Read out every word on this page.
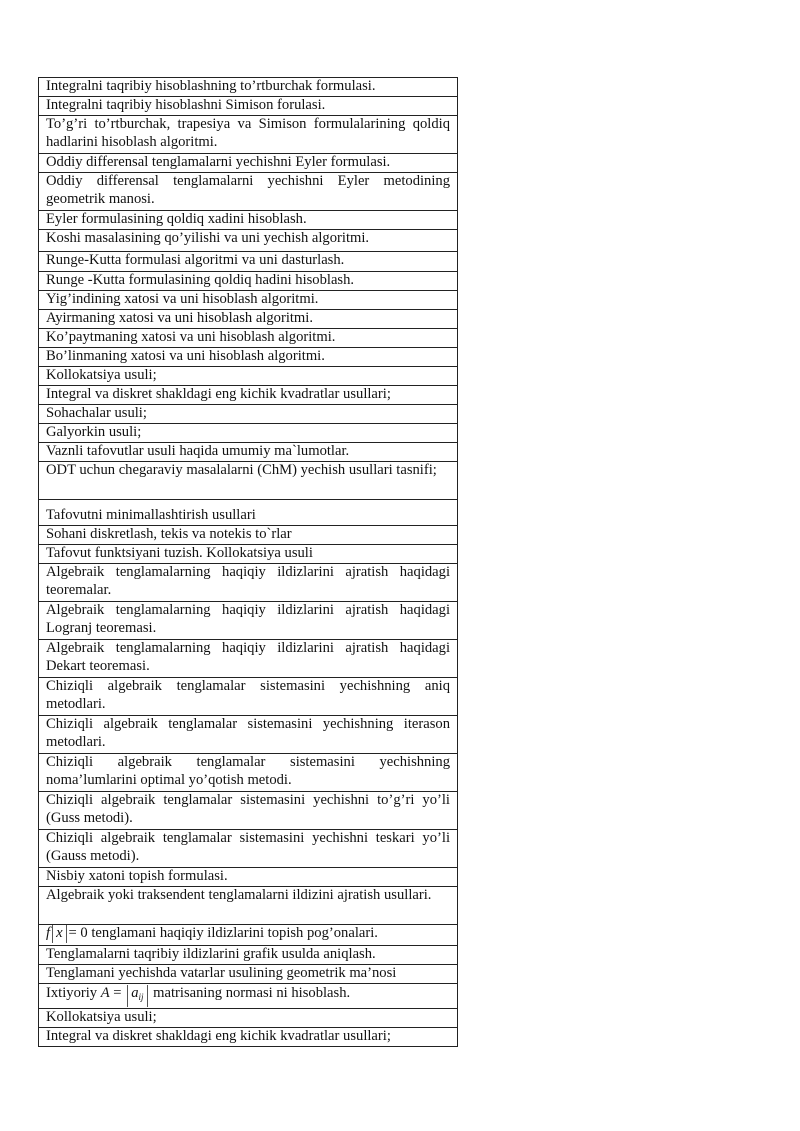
Integralni taqribiy hisoblashning to’rtburchak formulasi.
Integralni taqribiy hisoblashni Simison forulasi.
To’g’ri to’rtburchak, trapesiya va Simison formulalarining qoldiq hadlarini hisoblash algoritmi.
Oddiy differensal tenglamalarni yechishni Eyler formulasi.
Oddiy differensal tenglamalarni yechishni Eyler metodining geometrik manosi.
Eyler formulasining qoldiq xadini hisoblash.
Koshi masalasining qo’yilishi va uni yechish algoritmi.
Runge-Kutta formulasi algoritmi va uni dasturlash.
Runge -Kutta formulasining qoldiq hadini hisoblash.
Yig’indining xatosi va uni hisoblash algoritmi.
Ayirmaning xatosi va uni hisoblash algoritmi.
Ko’paytmaning xatosi va uni hisoblash algoritmi.
Bo’linmaning xatosi va uni hisoblash algoritmi.
Kollokatsiya usuli;
Integral va diskret shakldagi eng kichik kvadratlar usullari;
Sohachalar usuli;
Galyorkin usuli;
Vaznli tafovutlar usuli haqida umumiy ma`lumotlar.
ODT uchun chegaraviy masalalarni (ChM) yechish usullari tasnifi;

Tafovutni minimallashtirish usullari

Sohani diskretlash, tekis va notekis to`rlar
Tafovut funktsiyani tuzish. Kollokatsiya usuli
Algebraik tenglamalarning haqiqiy ildizlarini ajratish haqidagi teoremalar.
Algebraik tenglamalarning haqiqiy ildizlarini ajratish haqidagi Logranj teoremasi.
Algebraik tenglamalarning haqiqiy ildizlarini ajratish haqidagi Dekart teoremasi.
Chiziqli algebraik tenglamalar sistemasini yechishning aniq metodlari.
Chiziqli algebraik tenglamalar sistemasini yechishning iterason metodlari.
Chiziqli algebraik tenglamalar sistemasini yechishning noma’lumlarini optimal yo’qotish metodi.
Chiziqli algebraik tenglamalar sistemasini yechishni to’g’ri yo’li (Guss metodi).
Chiziqli algebraik tenglamalar sistemasini yechishni teskari yo’li (Gauss metodi).
Nisbiy xatoni topish formulasi.
Algebraik yoki traksendent tenglamalarni ildizini ajratish usullari.
f x = 0 tenglamani haqiqiy ildizlarini topish pog’onalari.
Tenglamalarni taqribiy ildizlarini grafik usulda aniqlash.
Tenglamani yechishda vatarlar usulining geometrik ma’nosi
Ixtiyoriy $A = a_{ij}$ matrisaning normasi ni hisoblash.
Kollokatsiya usuli;
Integral va diskret shakldagi eng kichik kvadratlar usullari;
